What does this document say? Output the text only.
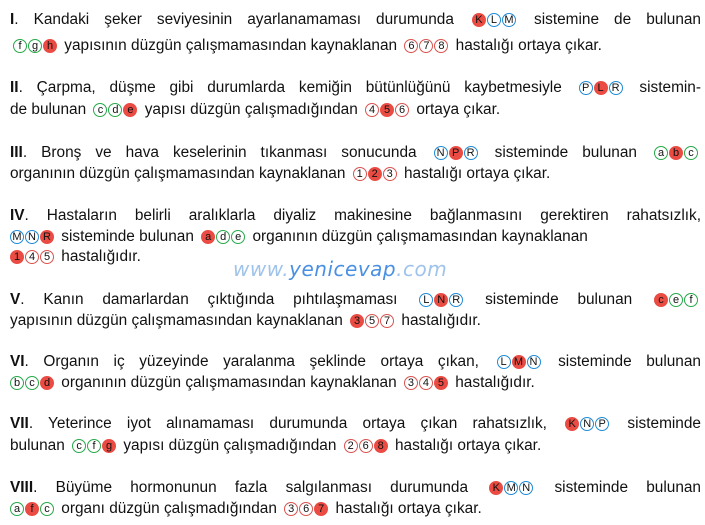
I. Kandaki şeker seviyesinin ayarlanamaması durumunda	K L M sistemine de bulunan
f g h yapısının düzgün çalışmamasından kaynaklanan	6 7 8 hastalığı ortaya çıkar.
II. Çarpma, düşme gibi durumlarda kemiğin bütünlüğünü kaybetmesiyle	P L R sistemin-
de bulunan	c d e yapısı düzgün çalışmadığından	4 5 6 ortaya çıkar.
III. Bronş ve hava keselerinin tıkanması sonucunda N P R sisteminde bulunan	a b c
organının düzgün çalışmamasından kaynaklanan	1 2 3 hastalığı ortaya çıkar.
IV. Hastaların belirli aralıklarla diyaliz makinesine bağlanmasını gerektiren rahatsızlık,
M N R sisteminde bulunan	a d e organının düzgün çalışmamasından kaynaklanan
1 4 5 hastalığıdır.
www.yenicevap.com
V. Kanın damarlardan çıktığında pıhtılaşmaması	L N R sisteminde bulunan	c e f
yapısının düzgün çalışmamasından kaynaklanan	3 5 7 hastalığıdır.
VI. Organın iç yüzeyinde yaralanma şeklinde ortaya çıkan,	L M N sisteminde bulunan
b c d organının düzgün çalışmamasından kaynaklanan	3 4 5 hastalığıdır.
VII. Yeterince iyot alınamaması durumunda ortaya çıkan rahatsızlık,	K N P sisteminde
bulunan	c f g yapısı düzgün çalışmadığından	2 6 8 hastalığı ortaya çıkar.
VIII. Büyüme hormonunun fazla salgılanması durumunda	K M N sisteminde bulunan
a f c organı düzgün çalışmadığından	3 6 7 hastalığı ortaya çıkar.
